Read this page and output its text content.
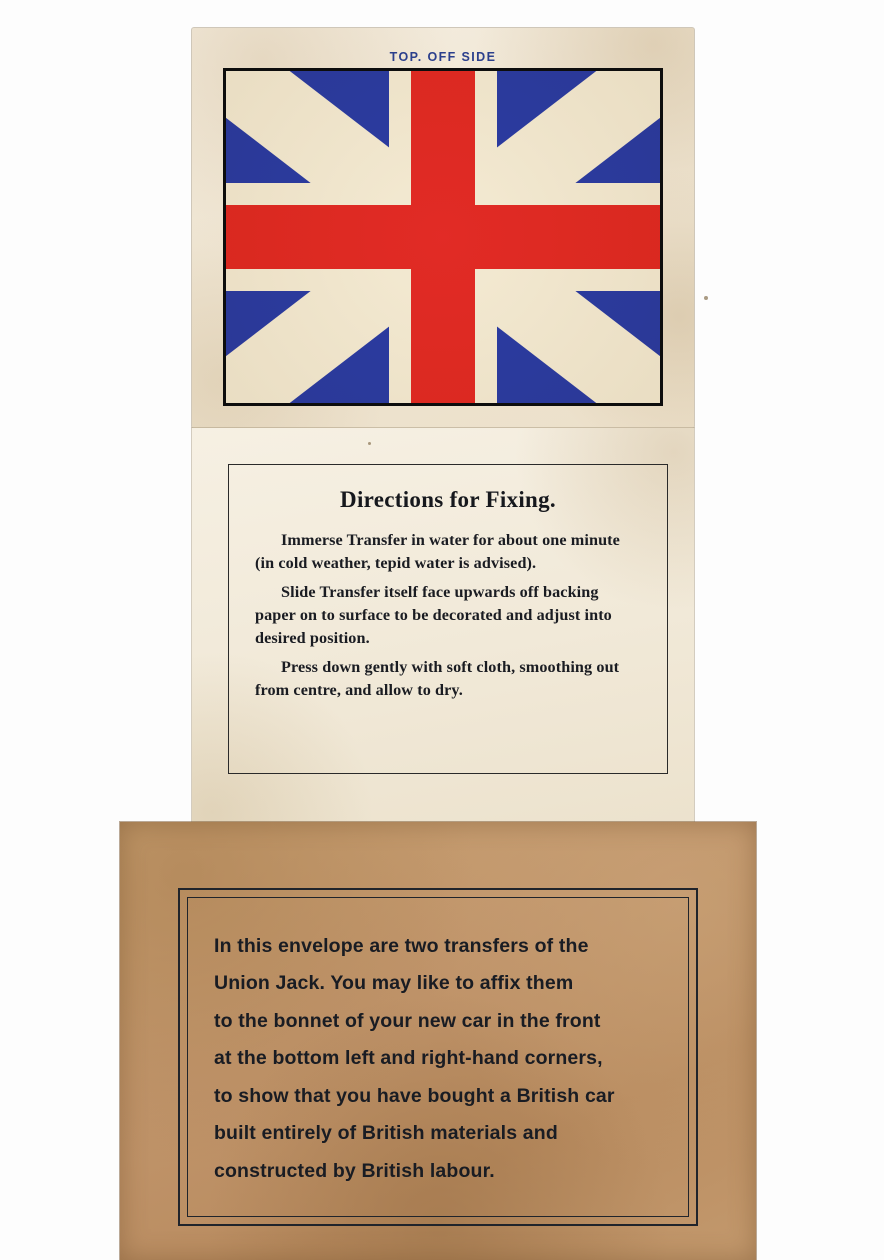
TOP. OFF SIDE
Directions for Fixing.

Immerse Transfer in water for about one minute (in cold weather, tepid water is advised).

Slide Transfer itself face upwards off backing paper on to surface to be decorated and adjust into desired position.

Press down gently with soft cloth, smoothing out from centre, and allow to dry.

In this envelope are two transfers of the
Union Jack. You may like to affix them
to the bonnet of your new car in the front
at the bottom left and right-hand corners,
to show that you have bought a British car
built entirely of British materials and
constructed by British labour.
